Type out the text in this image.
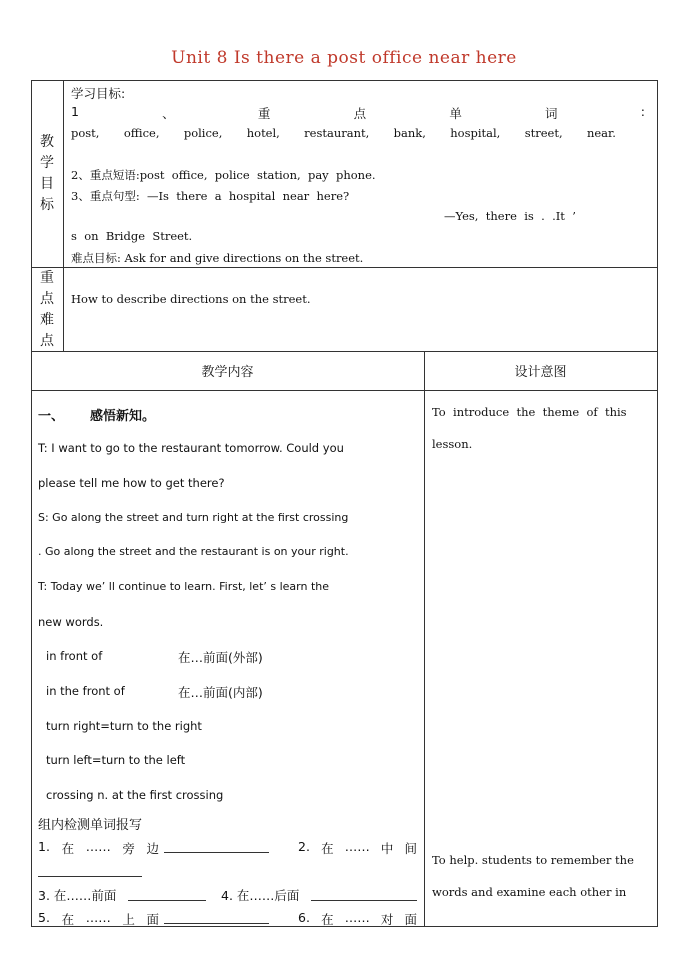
Unit 8 Is there a post office near here
教
学
目
标
学习目标:
1	、	重	点	单	词	:
post, office, police, hotel, restaurant, bank, hospital, street, near.
2、重点短语:post  office,  police  station,  pay  phone.
3、重点句型:  —Is  there  a  hospital  near  here?
—Yes,  there  is  .  .It  ’
s  on  Bridge  Street.
难点目标: Ask for and give directions on the street.
重
点
难
点
How to describe directions on the street.
教学内容	设计意图
一、 感悟新知。
T: I want to go to the restaurant tomorrow. Could you
please tell me how to get there?
S: Go along the street and turn right at the first crossing
. Go along the street and the restaurant is on your right.
T: Today we’ ll continue to learn. First, let’ s learn the
new words.
in front of	在…前面(外部)
in the front of	在…前面(内部)
turn right=turn to the right
turn left=turn to the left
crossing n. at the first crossing
组内检测单词报写
1. 在 …… 旁 边	2. 在 …… 中 间
3. 在……前面	4. 在……后面
5. 在 …… 上 面	6. 在 …… 对 面
To  introduce  the  theme  of  this
lesson.
To help. students to remember the
words and examine each other in
